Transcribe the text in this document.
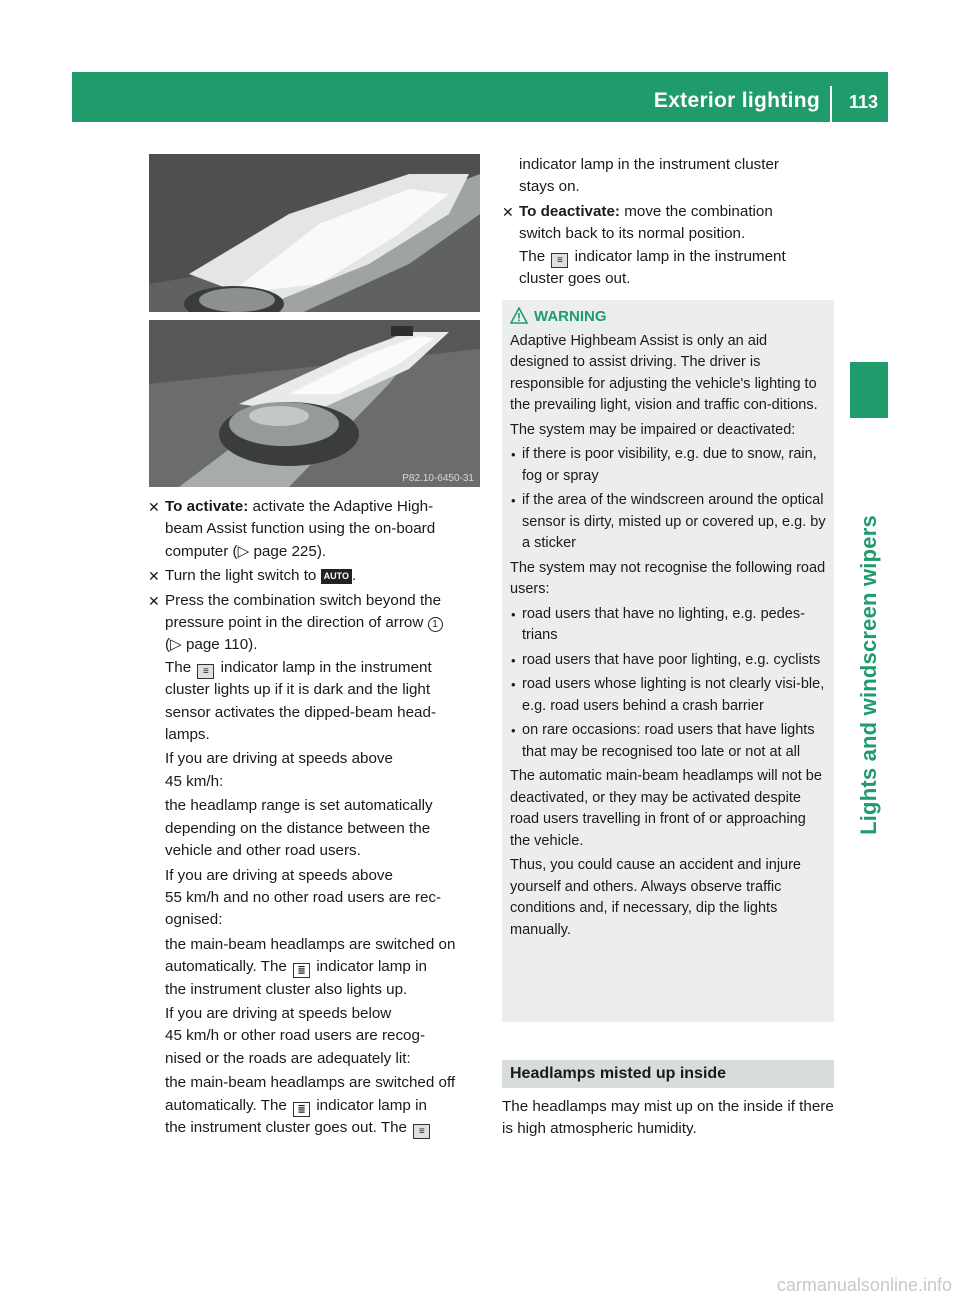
Exterior lighting 113
Lights and windscreen wipers
P82.10-6450-31
✕ To activate: activate the Adaptive High-
beam Assist function using the on-board
computer (▷ page 225).
✕ Turn the light switch to AUTO .
✕ Press the combination switch beyond the
pressure point in the direction of arrow 1
(▷ page 110).
The ≡ indicator lamp in the instrument
cluster lights up if it is dark and the light
sensor activates the dipped-beam head-
lamps.
If you are driving at speeds above
45 km/h:
the headlamp range is set automatically
depending on the distance between the
vehicle and other road users.
If you are driving at speeds above
55 km/h and no other road users are rec-
ognised:
the main-beam headlamps are switched on
automatically. The ≣ indicator lamp in
the instrument cluster also lights up.
If you are driving at speeds below
45 km/h or other road users are recog-
nised or the roads are adequately lit:
the main-beam headlamps are switched off
automatically. The ≣ indicator lamp in
the instrument cluster goes out. The ≡
indicator lamp in the instrument cluster
stays on.
✕ To deactivate: move the combination
switch back to its normal position.
The ≡ indicator lamp in the instrument
cluster goes out.
WARNING
Adaptive Highbeam Assist is only an aid designed to assist driving. The driver is responsible for adjusting the vehicle's lighting to the prevailing light, vision and traffic con-ditions.
The system may be impaired or deactivated:
• if there is poor visibility, e.g. due to snow, rain, fog or spray
• if the area of the windscreen around the optical sensor is dirty, misted up or covered up, e.g. by a sticker
The system may not recognise the following road users:
• road users that have no lighting, e.g. pedes-trians
• road users that have poor lighting, e.g. cyclists
• road users whose lighting is not clearly visi-ble, e.g. road users behind a crash barrier
• on rare occasions: road users that have lights that may be recognised too late or not at all
The automatic main-beam headlamps will not be deactivated, or they may be activated despite road users travelling in front of or approaching the vehicle.
Thus, you could cause an accident and injure yourself and others. Always observe traffic conditions and, if necessary, dip the lights manually.
Headlamps misted up inside
The headlamps may mist up on the inside if there is high atmospheric humidity.
carmanualsonline.info
